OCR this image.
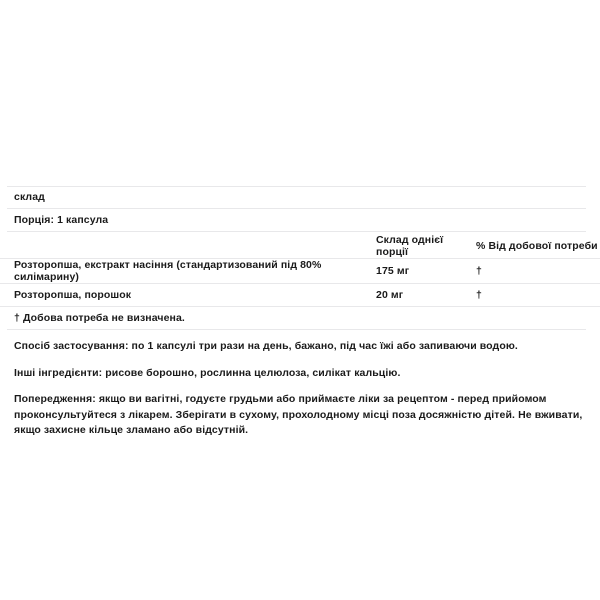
склад
Порція: 1 капсула
	Склад однієї порції	% Від добової потреби
Розторопша, екстракт насіння (стандартизований під 80% силімарину)	175 мг	†
Розторопша, порошок	20 мг	†
† Добова потреба не визначена.

Спосіб застосування: по 1 капсулі три рази на день, бажано, під час їжі або запиваючи водою.

Інші інгредієнти: рисове борошно, рослинна целюлоза, силікат кальцію.

Попередження: якщо ви вагітні, годуєте грудьми або приймаєте ліки за рецептом - перед прийомом проконсультуйтеся з лікарем. Зберігати в сухому, прохолодному місці поза досяжністю дітей. Не вживати, якщо захисне кільце зламано або відсутній.
